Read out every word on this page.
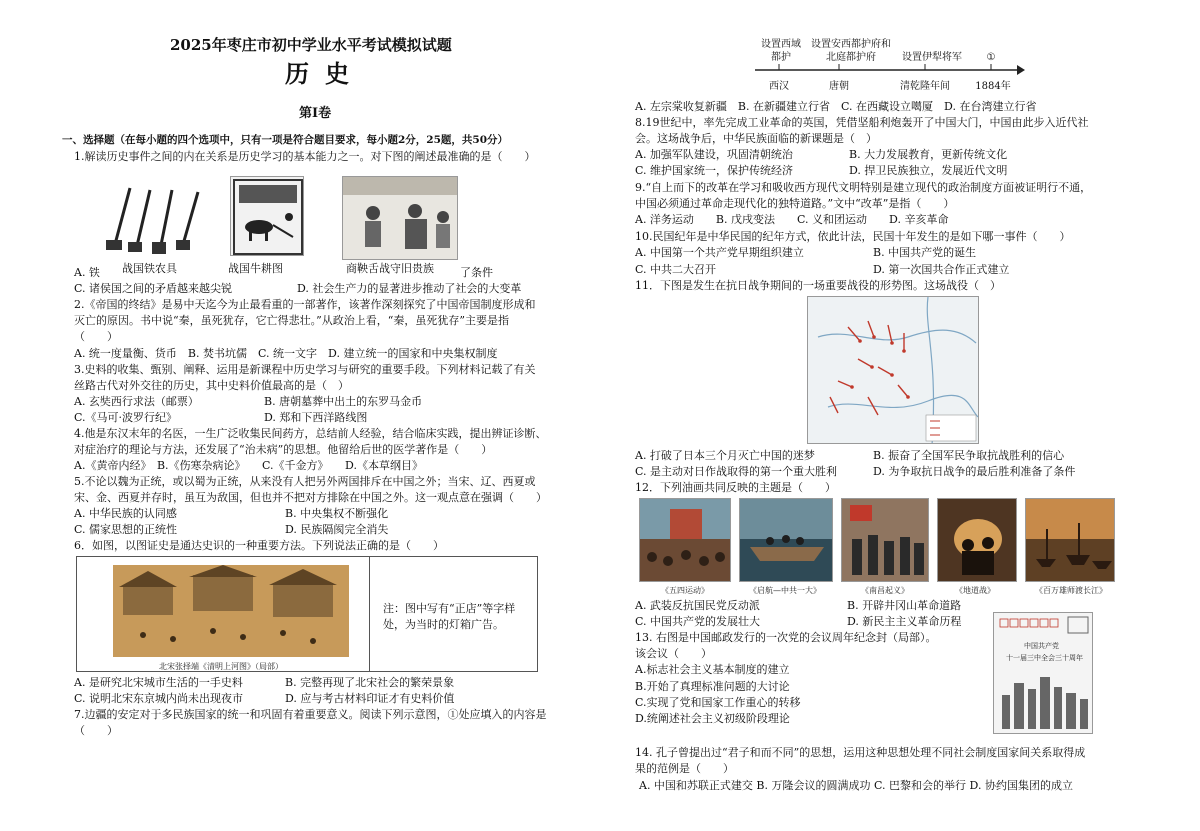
2025年枣庄市初中学业水平考试模拟试题
历史
第Ⅰ卷
一、选择题（在每小题的四个选项中，只有一项是符合题目要求，每小题2分，25题，共50分）
1.解读历史事件之间的内在关系是历史学习的基本能力之一。对下图的阐述最准确的是（　　）
战国铁农具	战国牛耕图	商鞅舌战守旧贵族
A. 铁	了条件
C. 诸侯国之间的矛盾越来越尖锐	D. 社会生产力的显著进步推动了社会的大变革
2.《帝国的终结》是易中天迄今为止最看重的一部著作，该著作深刻探究了中国帝国制度形成和
灭亡的原因。书中说“秦，虽死犹存，它亡得悲壮。”从政治上看，“秦，虽死犹存”主要是指
（　　）
A. 统一度量衡、货币　B. 焚书坑儒　C. 统一文字　D. 建立统一的国家和中央集权制度
3.史料的收集、甄别、阐释、运用是新课程中历史学习与研究的重要手段。下列材料记载了有关
丝路古代对外交往的历史，其中史料价值最高的是（　）
A. 玄奘西行求法（邮票）	B. 唐朝墓葬中出土的东罗马金币
C.《马可·波罗行纪》	D. 郑和下西洋路线图
4.他是东汉末年的名医，一生广泛收集民间药方，总结前人经验，结合临床实践，提出辨证诊断、
对症治疗的理论与方法，还发展了“治未病”的思想。他留给后世的医学著作是（　　）
A.《黄帝内经》　B.《伤寒杂病论》　　C.《千金方》　　D.《本草纲目》
5.不论以魏为正统，或以蜀为正统，从来没有人把另外两国排斥在中国之外；当宋、辽、西夏或
宋、金、西夏并存时，虽互为敌国，但也并不把对方排除在中国之外。这一观点意在强调（　　）
A. 中华民族的认同感	B. 中央集权不断强化
C. 儒家思想的正统性	D. 民族隔阂完全消失
6．如图，以图证史是通达史识的一种重要方法。下列说法正确的是（　　）
北宋张择端《清明上河图》（局部）
注：图中写有“正店”等字样
处，为当时的灯箱广告。
A. 是研究北宋城市生活的一手史料	B. 完整再现了北宋社会的繁荣景象
C. 说明北宋东京城内尚未出现夜市	D. 应与考古材料印证才有史料价值
7.边疆的安定对于多民族国家的统一和巩固有着重要意义。阅读下列示意图，①处应填入的内容是
（　　）
设置西域都护
设置安西都护府和北庭都护府	设置伊犁将军	①
西汉	唐朝	清乾隆年间	1884年
A. 左宗棠收复新疆　B. 在新疆建立行省　C. 在西藏设立噶厦　D. 在台湾建立行省
8.19世纪中，率先完成工业革命的英国，凭借坚船利炮轰开了中国大门，中国由此步入近代社
会。这场战争后，中华民族面临的新课题是（　）
A. 加强军队建设，巩固清朝统治	B. 大力发展教育，更新传统文化
C. 维护国家统一，保护传统经济	D. 捍卫民族独立，发展近代文明
9.“自上而下的改革在学习和吸收西方现代文明特别是建立现代的政治制度方面被证明行不通，
中国必须通过革命走现代化的独特道路。”文中“改革”是指（　　）
A. 洋务运动　　B. 戊戌变法　　C. 义和团运动　　D. 辛亥革命
10.民国纪年是中华民国的纪年方式，依此计法，民国十年发生的是如下哪一事件（　　）
A. 中国第一个共产党早期组织建立	B. 中国共产党的诞生
C. 中共二大召开	D. 第一次国共合作正式建立
11．下图是发生在抗日战争期间的一场重要战役的形势图。这场战役（　）
A. 打破了日本三个月灭亡中国的迷梦	B. 振奋了全国军民争取抗战胜利的信心
C. 是主动对日作战取得的第一个重大胜利	D. 为争取抗日战争的最后胜利准备了条件
12．下列油画共同反映的主题是（　　）
《五四运动》	《启航—中共一大》	《南昌起义》	《地道战》	《百万雄师渡长江》
A. 武装反抗国民党反动派	B. 开辟井冈山革命道路
C. 中国共产党的发展壮大	D. 新民主主义革命历程
13. 右图是中国邮政发行的一次党的会议周年纪念封（局部）。
该会议（　　）
A.标志社会主义基本制度的建立
B.开始了真理标准问题的大讨论
C.实现了党和国家工作重心的转移
D.统阐述社会主义初级阶段理论
中国共产党
十一届三中全会三十周年
14. 孔子曾提出过“君子和而不同”的思想，运用这种思想处理不同社会制度国家间关系取得成
果的范例是（　　）
A. 中国和苏联正式建交 B. 万隆会议的圆满成功 C. 巴黎和会的举行 D. 协约国集团的成立
